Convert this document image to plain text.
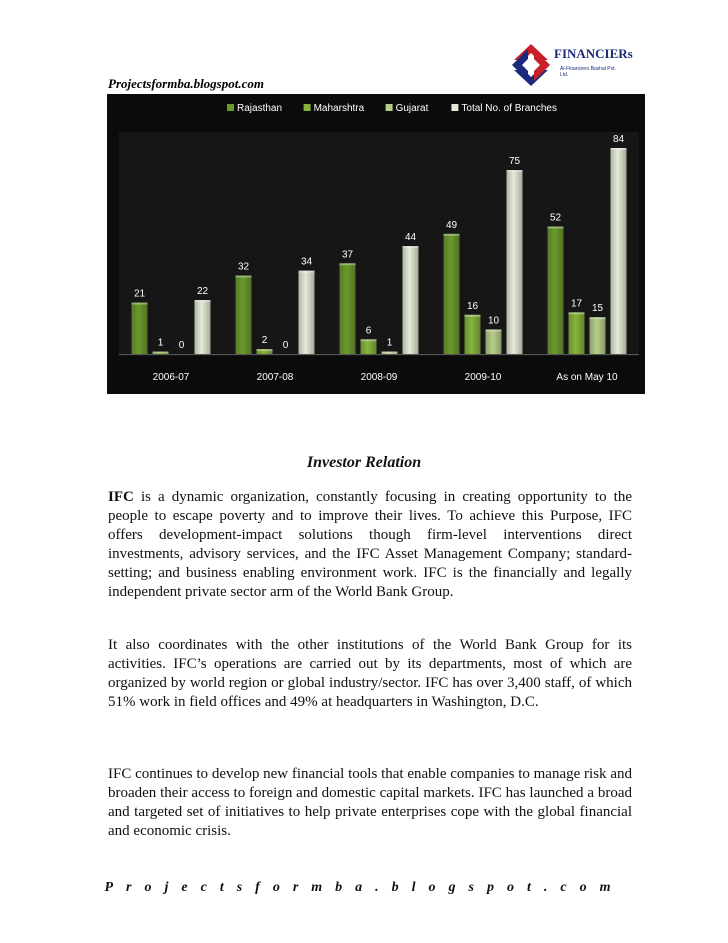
Projectsformba.blogspot.com
FINANCIERs
Al-Financiers Bushal Pvt. Ltd.
Rajasthan	Maharshtra	Gujarat	Total No. of Branches
21
1 0
22
2006-07
32
2 0
34
2007-08
37
6
1
44
2008-09
49
16
10
75
2009-10
52
17 15
84
As on May 10
Investor Relation

IFC is a dynamic organization, constantly focusing in creating opportunity to the people to escape poverty and to improve their lives. To achieve this Purpose, IFC offers development-impact solutions though firm-level interventions direct investments, advisory services, and the IFC Asset Management Company; standard-setting; and business enabling environment work. IFC is the financially and legally independent private sector arm of the World Bank Group.

It also coordinates with the other institutions of the World Bank Group for its activities. IFC’s operations are carried out by its departments, most of which are organized by world region or global industry/sector. IFC has over 3,400 staff, of which 51% work in field offices and 49% at headquarters in Washington, D.C.

IFC continues to develop new financial tools that enable companies to manage risk and broaden their access to foreign and domestic capital markets. IFC has launched a broad and targeted set of initiatives to help private enterprises cope with the global financial and economic crisis.

Projectsformba.blogspot.com
